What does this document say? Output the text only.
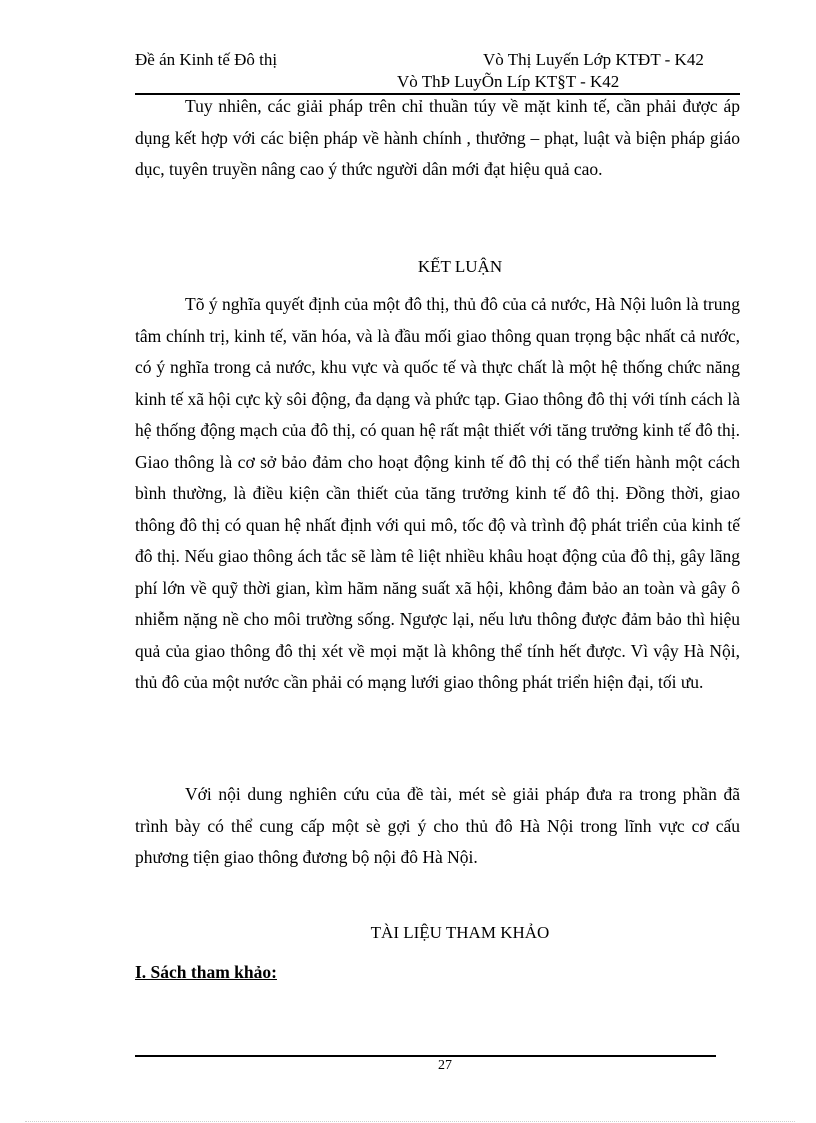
Đề án Kinh tế Đô thị	Vò Thị Luyến Lớp KTĐT - K42
Vò ThÞ LuyÕn Líp KT§T - K42

Tuy nhiên, các giải pháp trên chỉ thuần túy về mặt kinh tế, cần phải được áp dụng kết hợp với các biện pháp về hành chính , thưởng – phạt, luật và biện pháp giáo dục, tuyên truyền nâng cao ý thức người dân mới đạt hiệu quả cao.

KẾT LUẬN

Tõ ý nghĩa quyết định của một đô thị, thủ đô của cả nước, Hà Nội luôn là trung tâm chính trị, kinh tế, văn hóa, và là đầu mối giao thông quan trọng bậc nhất cả nước, có ý nghĩa trong cả nước, khu vực và quốc tế và thực chất là một hệ thống chức năng kinh tế xã hội cực kỳ sôi động, đa dạng và phức tạp. Giao thông đô thị với tính cách là hệ thống động mạch của đô thị, có quan hệ rất mật thiết với tăng trưởng kinh tế đô thị. Giao thông là cơ sở bảo đảm cho hoạt động kinh tế đô thị có thể tiến hành một cách bình thường, là điều kiện cần thiết của tăng trưởng kinh tế đô thị. Đồng thời, giao thông đô thị có quan hệ nhất định với qui mô, tốc độ và trình độ phát triển của kinh tế đô thị. Nếu giao thông ách tắc sẽ làm tê liệt nhiều khâu hoạt động của đô thị, gây lãng phí lớn về quỹ thời gian, kìm hãm năng suất xã hội, không đảm bảo an toàn và gây ô nhiễm nặng nề cho môi trường sống. Ngược lại, nếu lưu thông được đảm bảo thì hiệu quả của giao thông đô thị xét về mọi mặt là không thể tính hết được. Vì vậy Hà Nội, thủ đô của một nước cần phải có mạng lưới giao thông phát triển hiện đại, tối ưu.

Với nội dung nghiên cứu của đề tài, mét sè giải pháp đưa ra trong phần đã trình bày có thể cung cấp một sè gợi ý cho thủ đô Hà Nội trong lĩnh vực cơ cấu phương tiện giao thông đương bộ nội đô Hà Nội.

TÀI LIỆU THAM KHẢO

I. Sách tham khảo:

27
